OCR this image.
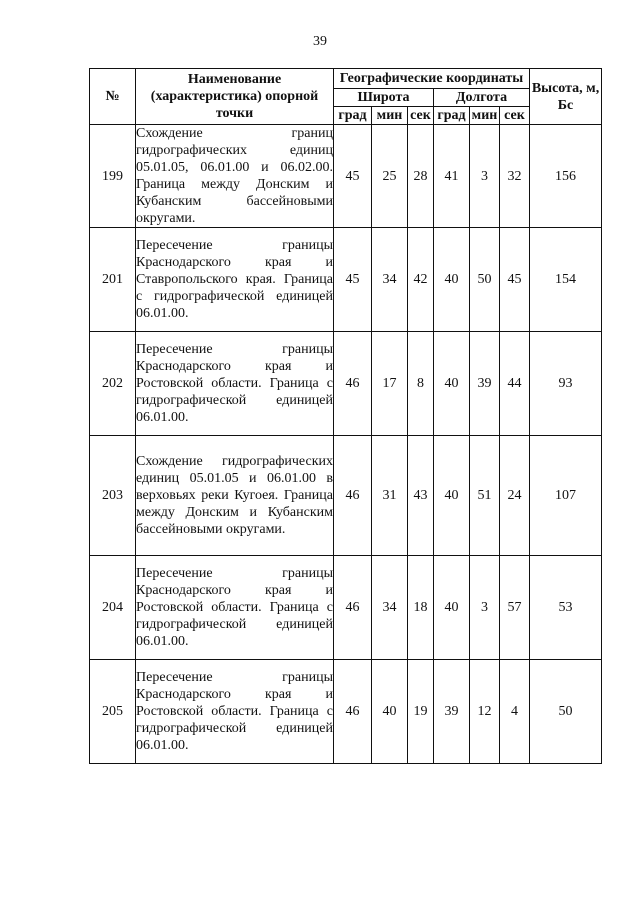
39
№	Наименование (характеристика) опорной точки	Географические координаты						Высота, м, Бс
		Широта			Долгота			
		град	мин	сек	град	мин	сек	
199	Схождение границ гидрографических единиц 05.01.05, 06.01.00 и 06.02.00. Граница между Донским и Кубанским бассейновыми округами.	45	25	28	41	3	32	156
201	Пересечение границы Краснодарского края и Ставропольского края. Граница с гидрографической единицей 06.01.00.	45	34	42	40	50	45	154
202	Пересечение границы Краснодарского края и Ростовской области. Граница с гидрографической единицей 06.01.00.	46	17	8	40	39	44	93
203	Схождение гидрографических единиц 05.01.05 и 06.01.00 в верховьях реки Кугоея. Граница между Донским и Кубанским бассейновыми округами.	46	31	43	40	51	24	107
204	Пересечение границы Краснодарского края и Ростовской области. Граница с гидрографической единицей 06.01.00.	46	34	18	40	3	57	53
205	Пересечение границы Краснодарского края и Ростовской области. Граница с гидрографической единицей 06.01.00.	46	40	19	39	12	4	50
